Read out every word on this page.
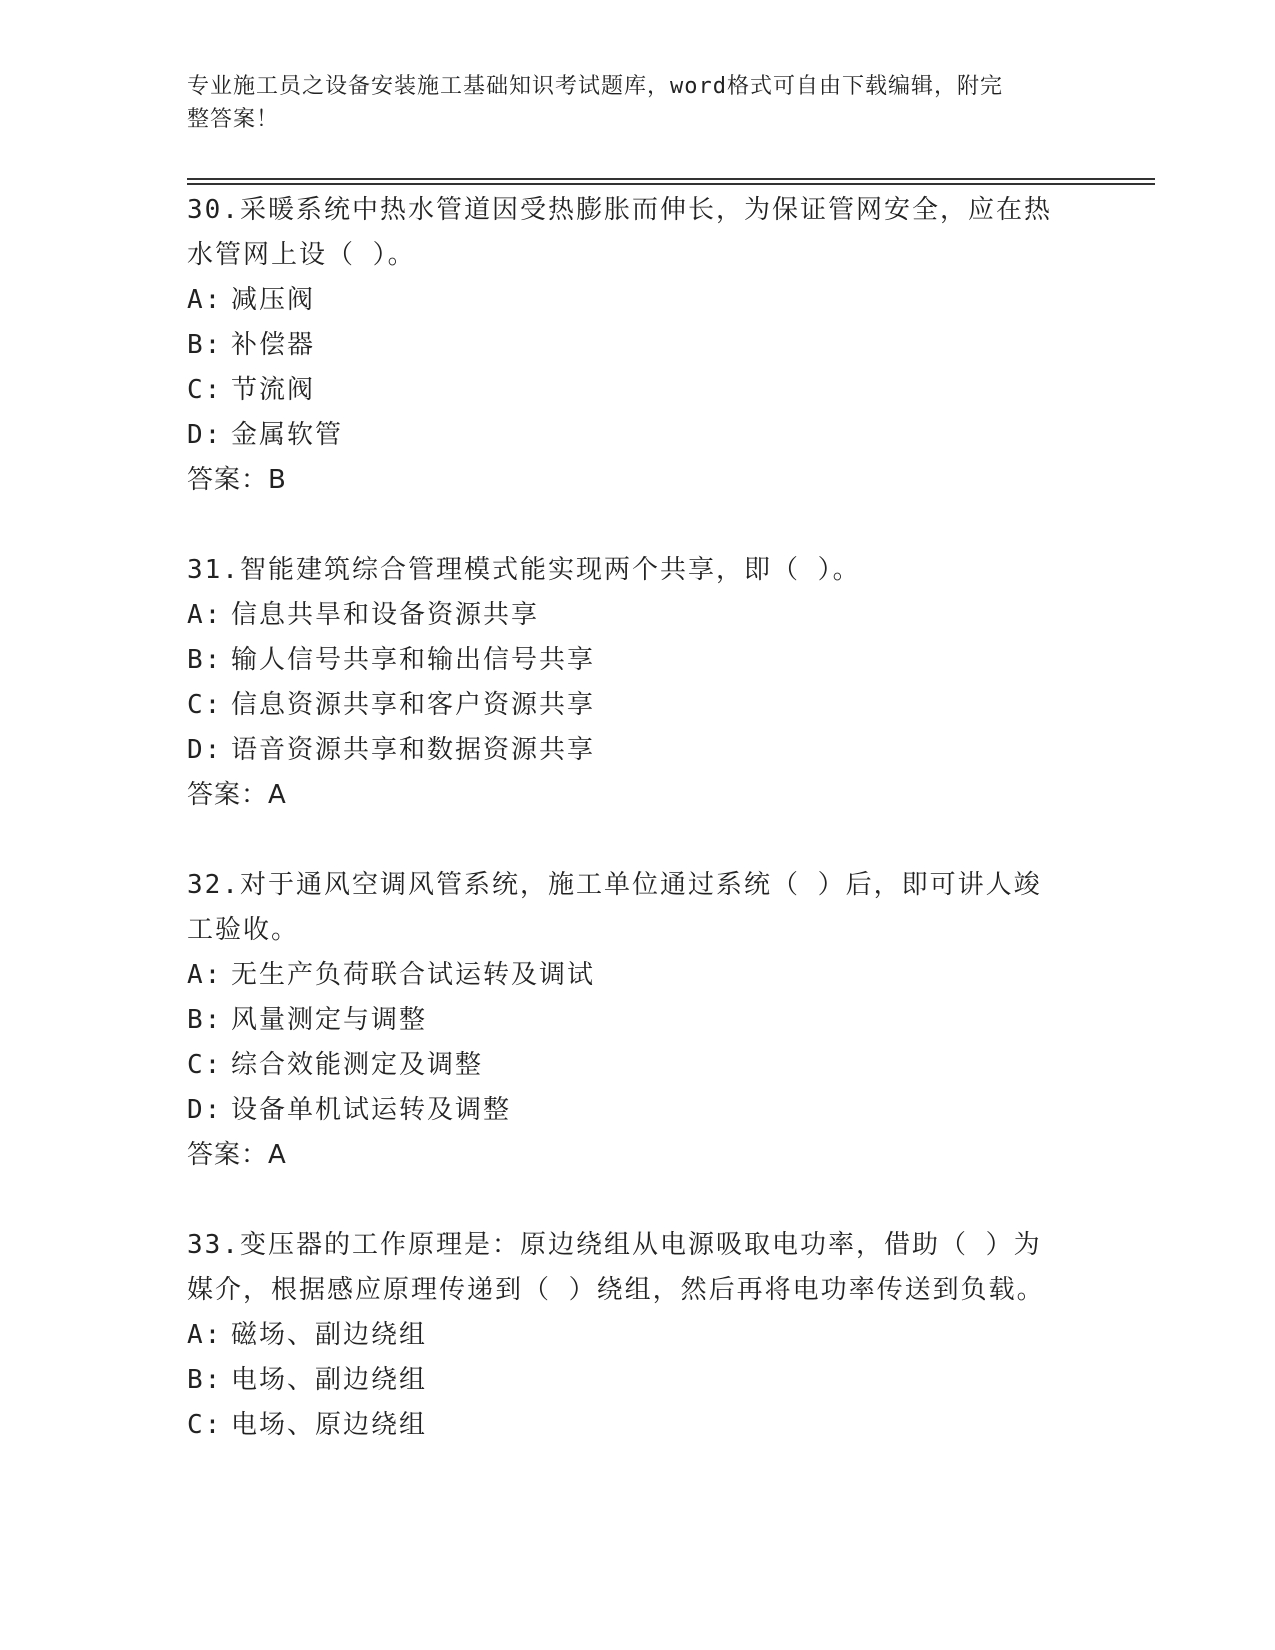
专业施工员之设备安装施工基础知识考试题库，word格式可自由下载编辑，附完
整答案！

30.采暖系统中热水管道因受热膨胀而伸长，为保证管网安全，应在热

水管网上设（ ）。

A: 减压阀

B: 补偿器

C: 节流阀

D: 金属软管

答案：B

31.智能建筑综合管理模式能实现两个共享，即（ ）。

A: 信息共旱和设备资源共享

B: 输人信号共享和输出信号共享

C: 信息资源共享和客户资源共享

D: 语音资源共享和数据资源共享

答案：A

32.对于通风空调风管系统，施工单位通过系统（ ）后，即可讲人竣

工验收。

A: 无生产负荷联合试运转及调试

B: 风量测定与调整

C: 综合效能测定及调整

D: 设备单机试运转及调整

答案：A

33.变压器的工作原理是：原边绕组从电源吸取电功率，借助（ ）为

媒介，根据感应原理传递到（ ）绕组，然后再将电功率传送到负载。

A: 磁场、副边绕组

B: 电场、副边绕组

C: 电场、原边绕组
